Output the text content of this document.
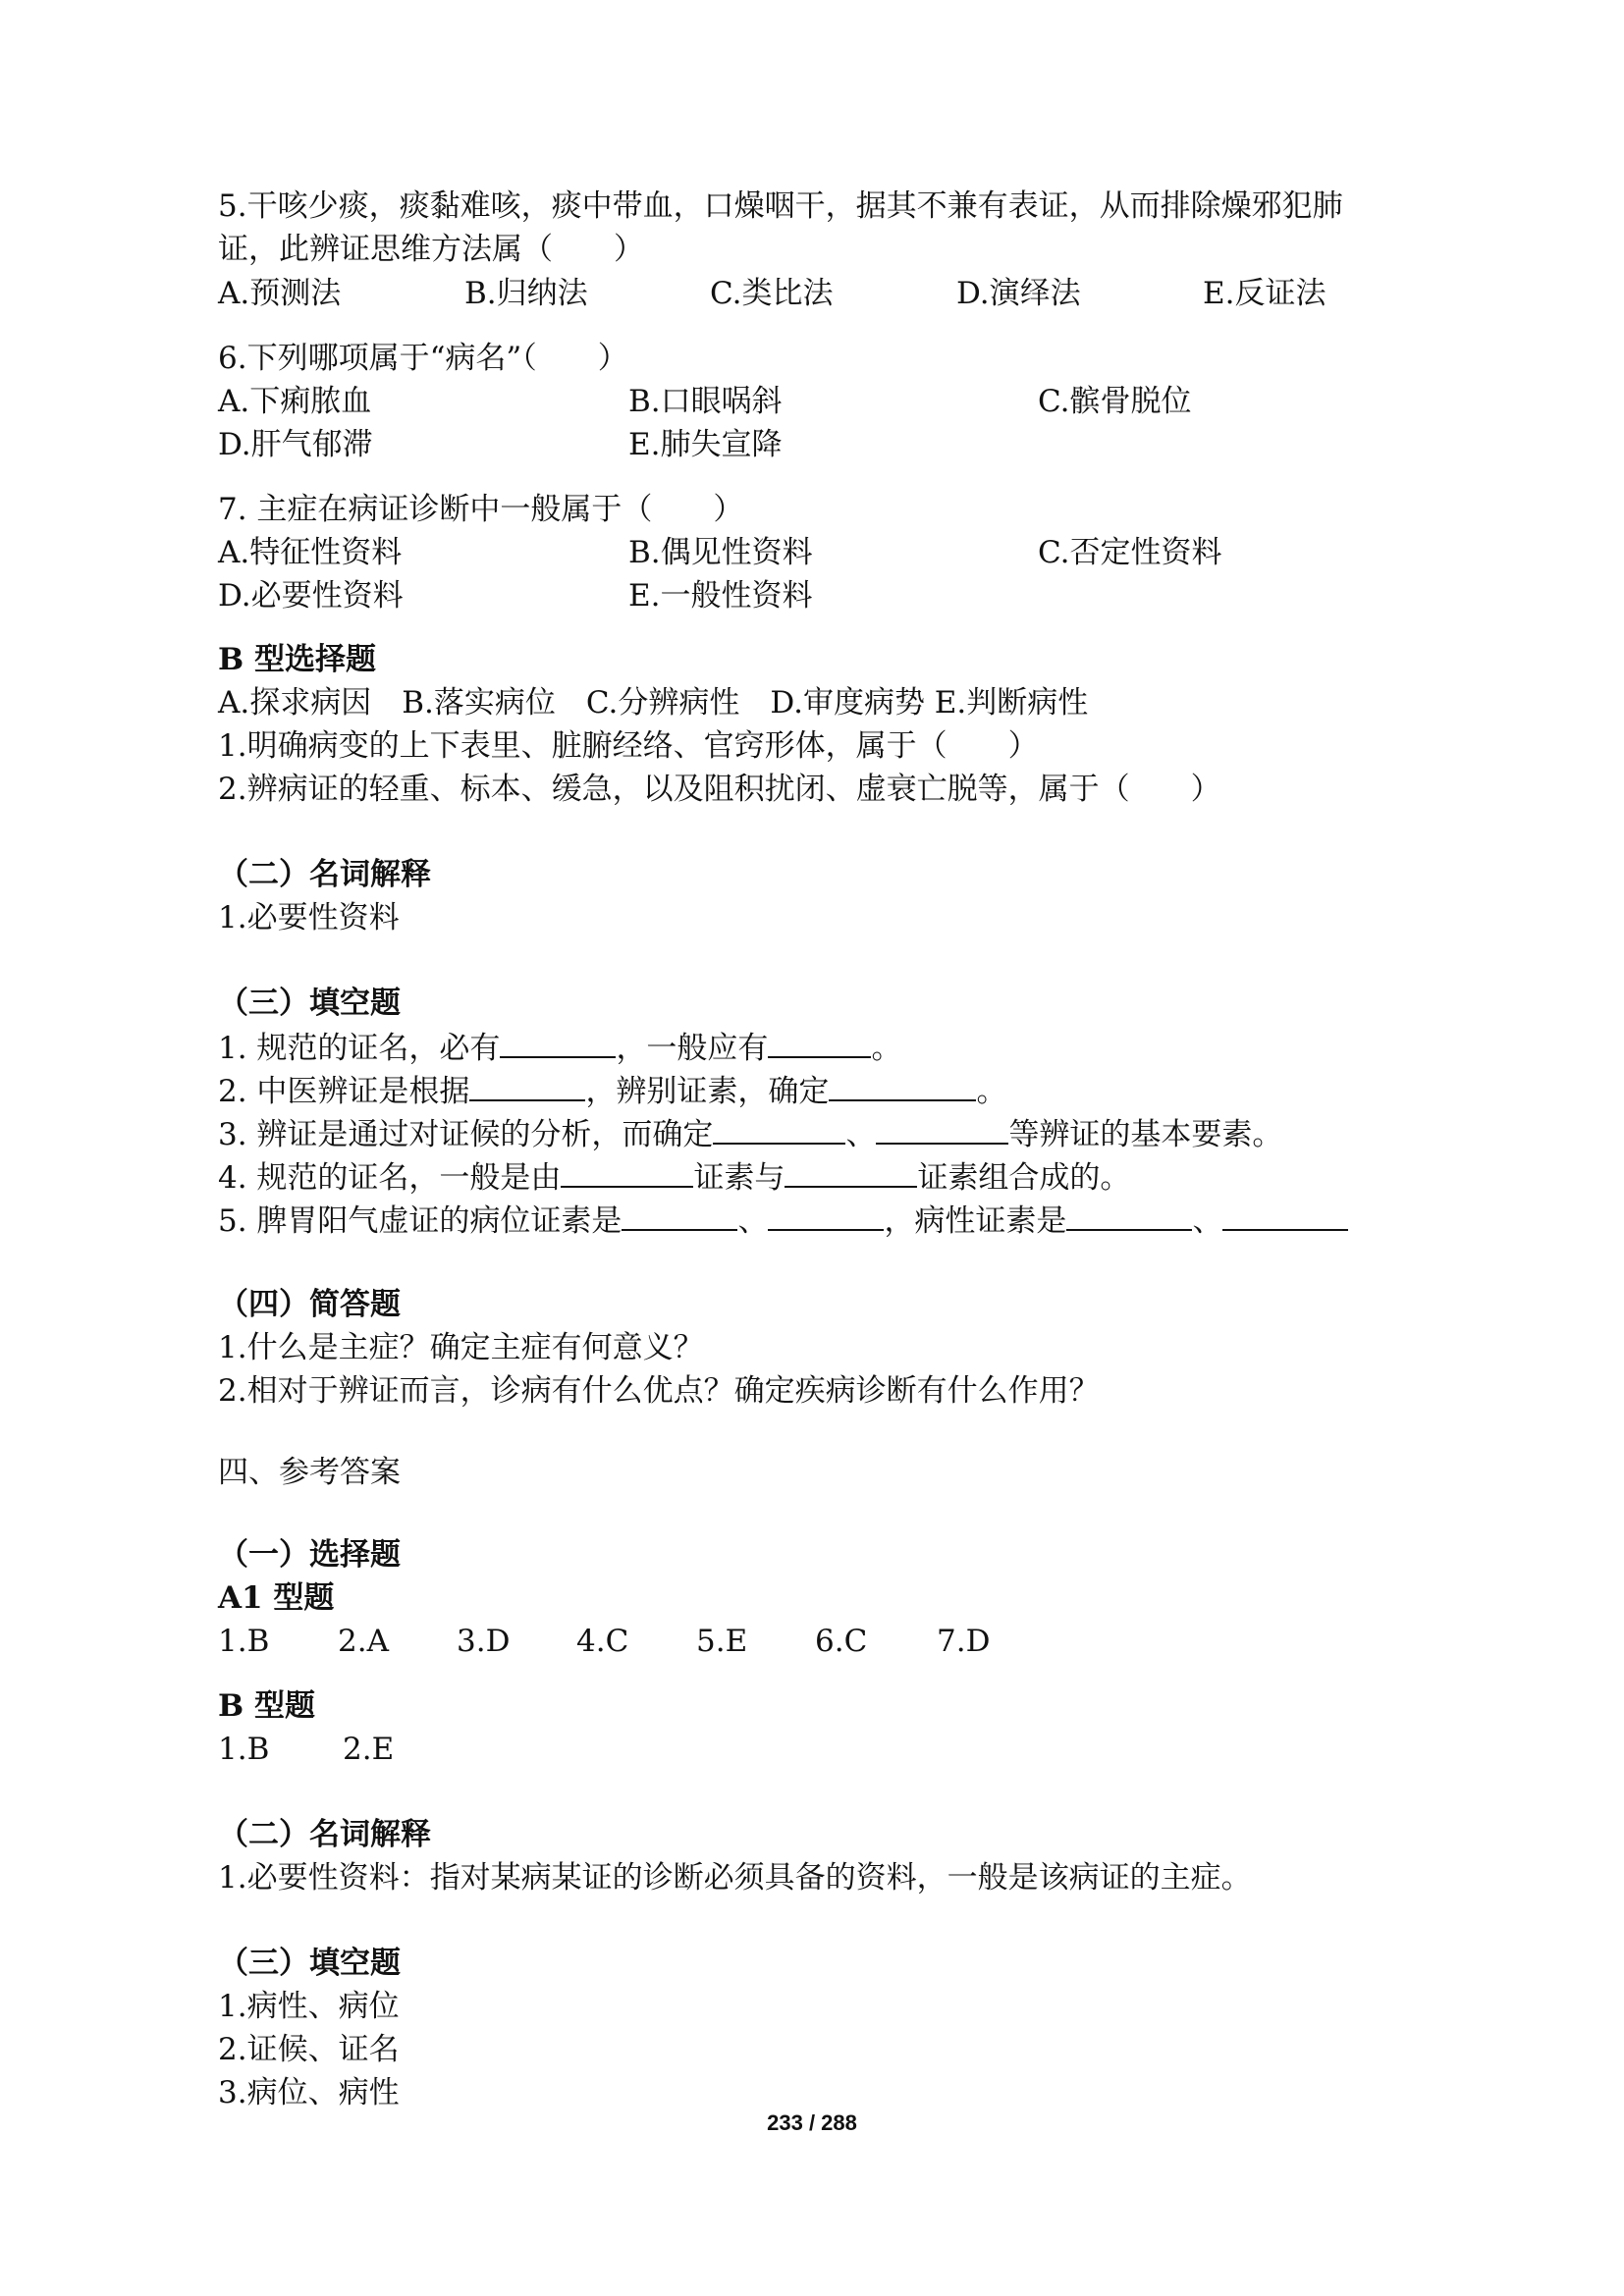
5.干咳少痰，痰黏难咳，痰中带血，口燥咽干，据其不兼有表证，从而排除燥邪犯肺
证，此辨证思维方法属（　　）
A.预测法	B.归纳法	C.类比法	D.演绎法	E.反证法
6.下列哪项属于“病名”（　　）
A.下痢脓血	B.口眼㖞斜	C.髌骨脱位
D.肝气郁滞	E.肺失宣降
7. 主症在病证诊断中一般属于（　　）
A.特征性资料	B.偶见性资料	C.否定性资料
D.必要性资料	E.一般性资料
B 型选择题
A.探求病因　B.落实病位　C.分辨病性　D.审度病势 E.判断病性
1.明确病变的上下表里、脏腑经络、官窍形体，属于（　　）
2.辨病证的轻重、标本、缓急，以及阻积扰闭、虚衰亡脱等，属于（　　）
（二）名词解释
1.必要性资料
（三）填空题
1. 规范的证名，必有	，一般应有	。
2. 中医辨证是根据	，辨别证素，确定	。
3. 辨证是通过对证候的分析，而确定	、	等辨证的基本要素。
4. 规范的证名，一般是由	证素与	证素组合成的。
5. 脾胃阳气虚证的病位证素是	、	，病性证素是	、
（四）简答题
1.什么是主症？确定主症有何意义？
2.相对于辨证而言，诊病有什么优点？确定疾病诊断有什么作用？
四、参考答案
（一）选择题
A1 型题
1.B 2.A 3.D 4.C 5.E 6.C 7.D
B 型题
1.B 2.E
（二）名词解释
1.必要性资料：指对某病某证的诊断必须具备的资料，一般是该病证的主症。
（三）填空题
1.病性、病位
2.证候、证名
3.病位、病性
233 / 288
